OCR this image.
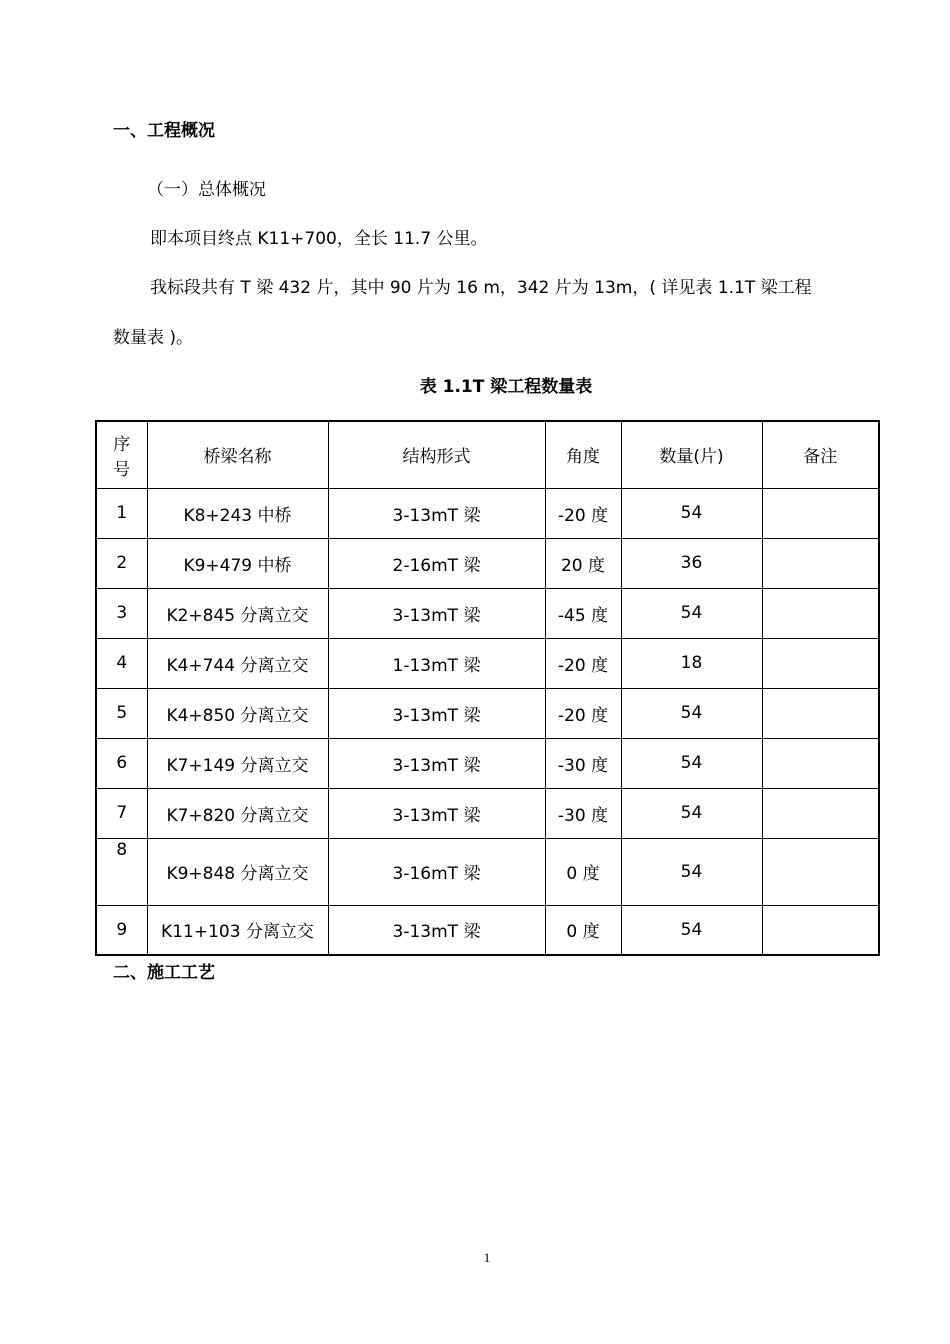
一、工程概况
（一）总体概况
即本项目终点 K11+700，全长 11.7 公里。
我标段共有 T 梁 432 片，其中 90 片为 16 m，342 片为 13m，( 详见表 1.1T 梁工程
数量表 )。
表 1.1T 梁工程数量表
序
号	桥梁名称	结构形式	角度	数量(片)	备注
1	K8+243 中桥	3-13mT 梁	-20 度	54	
2	K9+479 中桥	2-16mT 梁	20 度	36	
3	K2+845 分离立交	3-13mT 梁	-45 度	54	
4	K4+744 分离立交	1-13mT 梁	-20 度	18	
5	K4+850 分离立交	3-13mT 梁	-20 度	54	
6	K7+149 分离立交	3-13mT 梁	-30 度	54	
7	K7+820 分离立交	3-13mT 梁	-30 度	54	
8	K9+848 分离立交	3-16mT 梁	0 度	54	
9	K11+103 分离立交	3-13mT 梁	0 度	54	
二、施工工艺
1
